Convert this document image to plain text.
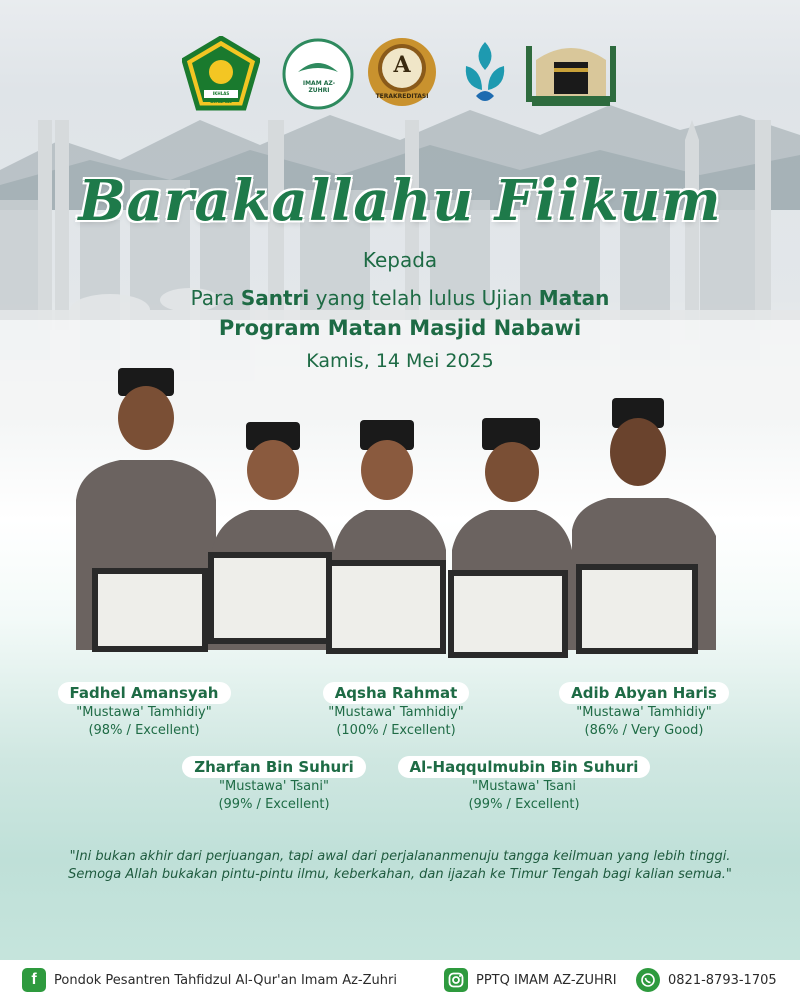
IKHLAS BERAMAL
IMAM AZ-ZUHRI
A
TERAKREDITASI
Barakallahu Fiikum
Kepada
Para Santri yang telah lulus Ujian Matan
Program Matan Masjid Nabawi
Kamis, 14 Mei 2025
Fadhel Amansyah
"Mustawa' Tamhidiy"
(98% / Excellent)
Aqsha Rahmat
"Mustawa' Tamhidiy"
(100% / Excellent)
Adib Abyan Haris
"Mustawa' Tamhidiy"
(86% / Very Good)
Zharfan Bin Suhuri
"Mustawa' Tsani"
(99% / Excellent)
Al-Haqqulmubin Bin Suhuri
"Mustawa' Tsani
(99% / Excellent)
"Ini bukan akhir dari perjuangan, tapi awal dari perjalananmenuju tangga keilmuan yang lebih tinggi.
Semoga Allah bukakan pintu-pintu ilmu, keberkahan, dan ijazah ke Timur Tengah bagi kalian semua."
f Pondok Pesantren Tahfidzul Al-Qur'an Imam Az-Zuhri	PPTQ IMAM AZ-ZUHRI	0821-8793-1705
